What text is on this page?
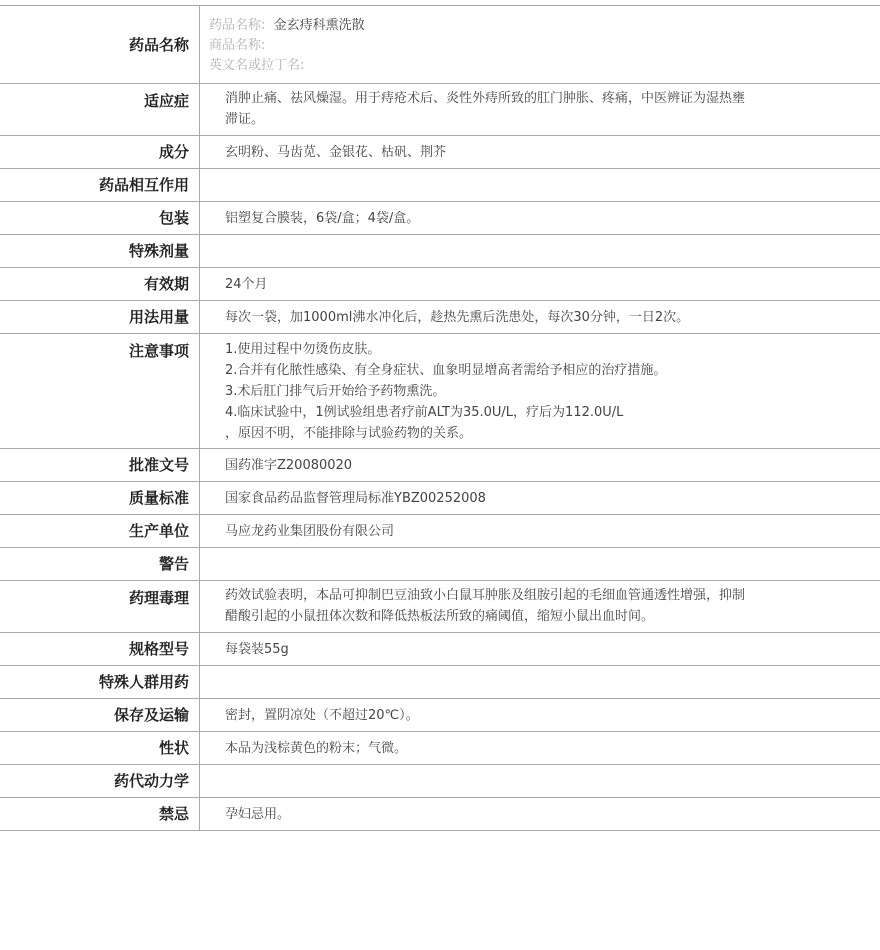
药品名称
药品名称: 金玄痔科熏洗散
商品名称:
英文名或拉丁名:
适应症	消肿止痛、祛风燥湿。用于痔疮术后、炎性外痔所致的肛门肿胀、疼痛，中医辨证为湿热壅
滞证。
成分	玄明粉、马齿苋、金银花、枯矾、荆芥
药品相互作用
包装	铝塑复合膜装，6袋/盒；4袋/盒。
特殊剂量
有效期	24个月
用法用量	每次一袋，加1000ml沸水冲化后，趁热先熏后洗患处，每次30分钟，一日2次。
注意事项	1.使用过程中勿烫伤皮肤。
2.合并有化脓性感染、有全身症状、血象明显增高者需给予相应的治疗措施。
3.术后肛门排气后开始给予药物熏洗。
4.临床试验中，1例试验组患者疗前ALT为35.0U/L，疗后为112.0U/L
，原因不明，不能排除与试验药物的关系。
批准文号	国药准字Z20080020
质量标准	国家食品药品监督管理局标准YBZ00252008
生产单位	马应龙药业集团股份有限公司
警告
药理毒理	药效试验表明，本品可抑制巴豆油致小白鼠耳肿胀及组胺引起的毛细血管通透性增强，抑制
醋酸引起的小鼠扭体次数和降低热板法所致的痛阈值，缩短小鼠出血时间。
规格型号	每袋装55g
特殊人群用药
保存及运输	密封，置阴凉处（不超过20℃）。
性状	本品为浅棕黄色的粉末；气微。
药代动力学
禁忌	孕妇忌用。
